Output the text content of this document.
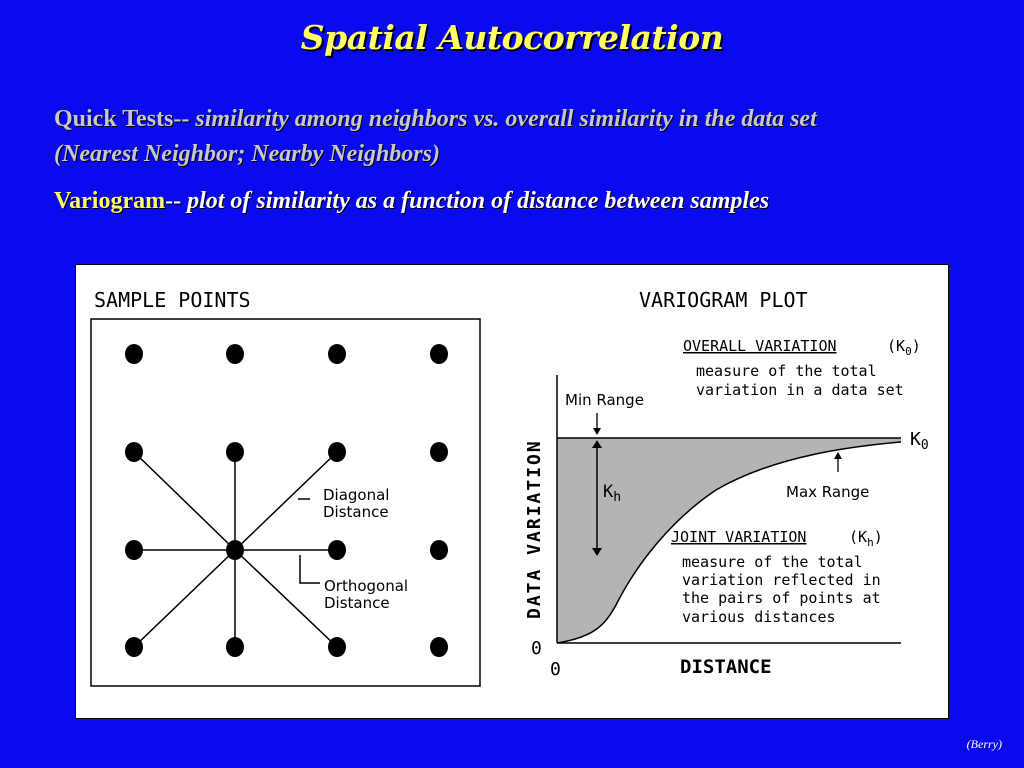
Spatial Autocorrelation
Quick Tests-- similarity among neighbors vs. overall similarity in the data set
(Nearest Neighbor; Nearby Neighbors)
Variogram-- plot of similarity as a function of distance between samples
SAMPLE POINTS
Diagonal
Distance
Orthogonal
Distance
VARIOGRAM PLOT
OVERALL VARIATION	$(K_0)$
measure of the total
variation in a data set
Min Range
$K_0$
$K_h$	Max Range
JOINT VARIATION	$(K_h)$
measure of the total
variation reflected in
the pairs of points at
various distances
DATA VARIATION
0
0	DISTANCE
(Berry)
